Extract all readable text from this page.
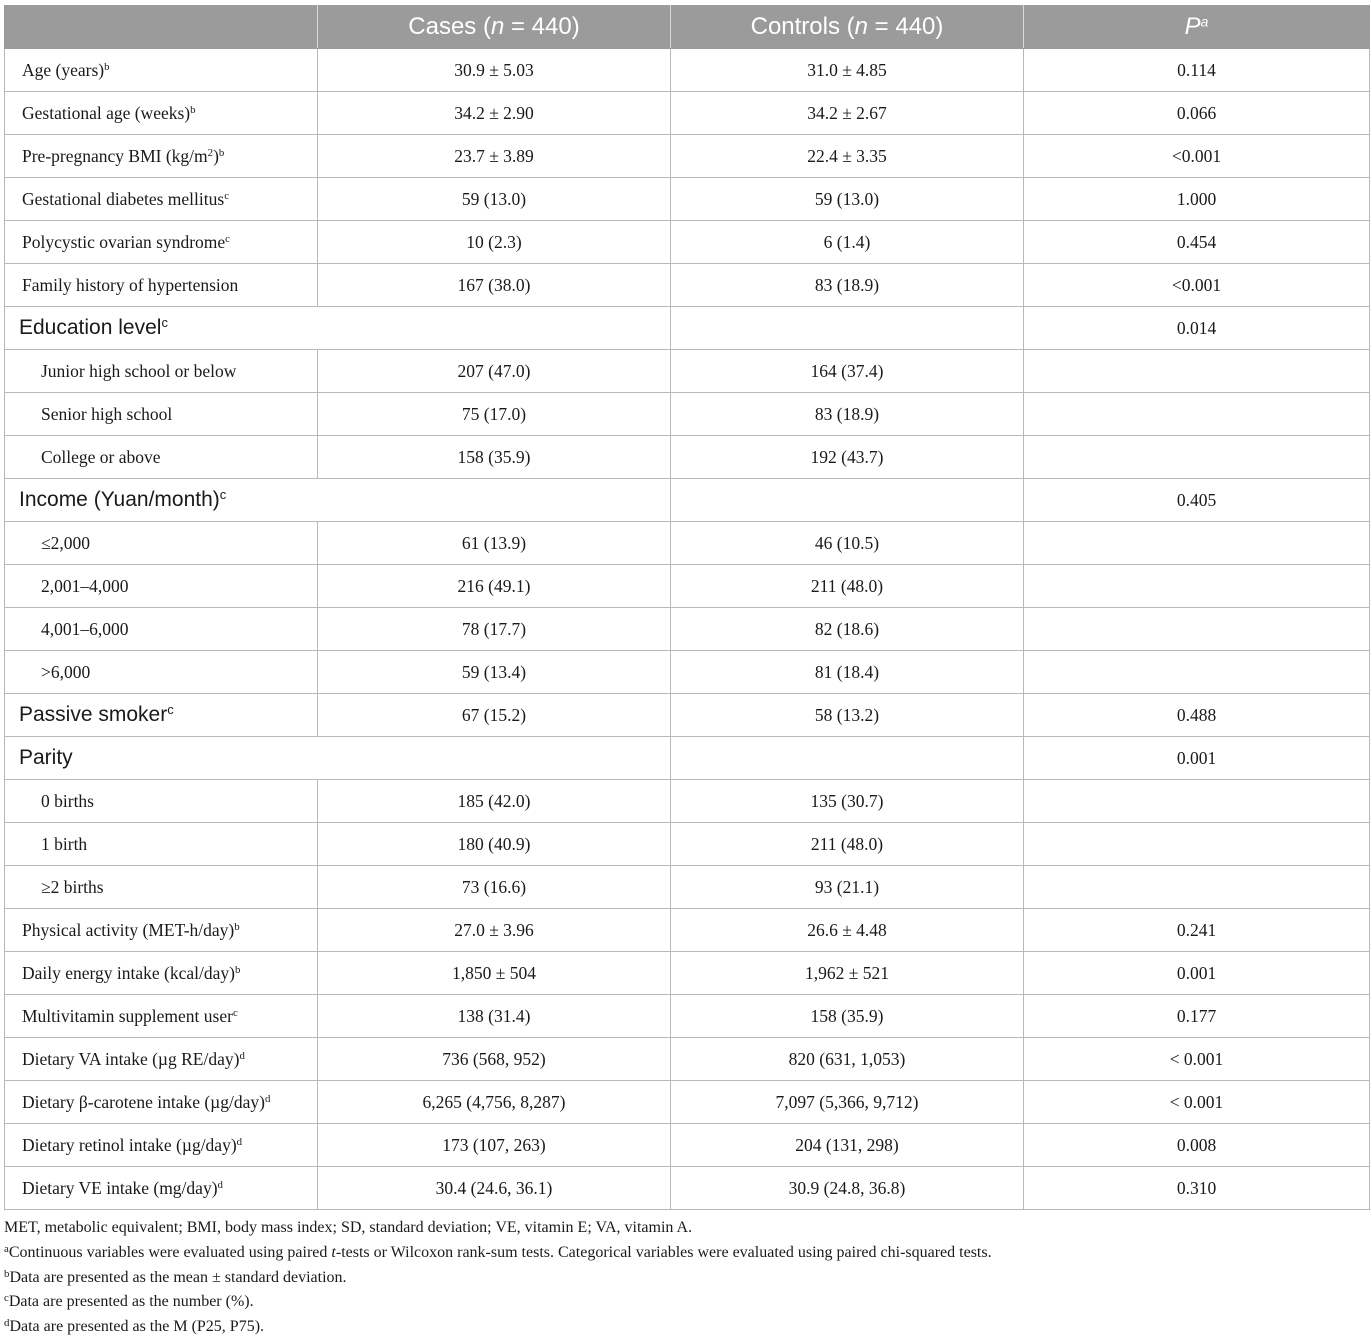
	Cases (n = 440)	Controls (n = 440)	$P^a$
Age (years)$^b$	30.9 ± 5.03	31.0 ± 4.85	0.114
Gestational age (weeks)$^b$	34.2 ± 2.90	34.2 ± 2.67	0.066
Pre-pregnancy BMI $(kg/m^2)^b$	23.7 ± 3.89	22.4 ± 3.35	<0.001
Gestational diabetes mellitus$^c$	59 (13.0)	59 (13.0)	1.000
Polycystic ovarian syndrome$^c$	10 (2.3)	6 (1.4)	0.454
Family history of hypertension	167 (38.0)	83 (18.9)	<0.001
Education level$^c$			0.014
Junior high school or below	207 (47.0)	164 (37.4)	
Senior high school	75 (17.0)	83 (18.9)	
College or above	158 (35.9)	192 (43.7)	
Income (Yuan/month)$^c$			0.405
≤2,000	61 (13.9)	46 (10.5)	
2,001–4,000	216 (49.1)	211 (48.0)	
4,001–6,000	78 (17.7)	82 (18.6)	
>6,000	59 (13.4)	81 (18.4)	
Passive smoker$^c$	67 (15.2)	58 (13.2)	0.488
Parity			0.001
0 births	185 (42.0)	135 (30.7)	
1 birth	180 (40.9)	211 (48.0)	
≥2 births	73 (16.6)	93 (21.1)	
Physical activity $(MET-h/day)^b$	27.0 ± 3.96	26.6 ± 4.48	0.241
Daily energy intake (kcal/day)$^b$	1,850 ± 504	1,962 ± 521	0.001
Multivitamin supplement user$^c$	138 (31.4)	158 (35.9)	0.177
Dietary VA intake (µg RE/day)$^d$	736 (568, 952)	820 (631, 1,053)	< 0.001
Dietary β-carotene intake $(\mu g/day)^d$	6,265 (4,756, 8,287)	7,097 (5,366, 9,712)	< 0.001
Dietary retinol intake $(\mu g/day)^d$	173 (107, 263)	204 (131, 298)	0.008
Dietary VE intake $(mg/day)^d$	30.4 (24.6, 36.1)	30.9 (24.8, 36.8)	0.310
MET, metabolic equivalent; BMI, body mass index; SD, standard deviation; VE, vitamin E; VA, vitamin A.
$^a$Continuous variables were evaluated using paired t-tests or Wilcoxon rank-sum tests. Categorical variables were evaluated using paired chi-squared tests.
$^b$Data are presented as the mean ± standard deviation.
$^c$Data are presented as the number (%).
$^d$Data are presented as the M (P25, P75).
